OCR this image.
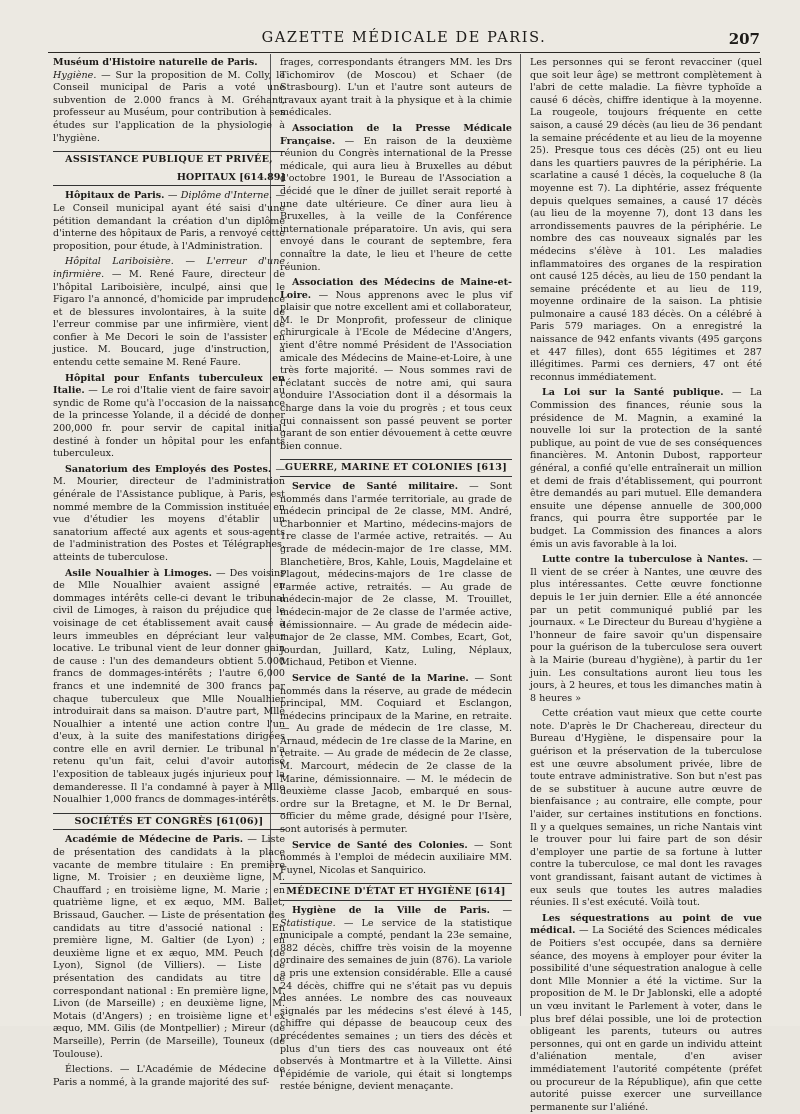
GAZETTE MÉDICALE DE PARIS.	207

Muséum d'Histoire naturelle de Paris.
Hygiène. — Sur la proposition de M. Colly, le Conseil municipal de Paris a voté une subvention de 2.000 francs à M. Gréhant, professeur au Muséum, pour contribution à ses études sur l'application de la physiologie à l'hygiène.

ASSISTANCE PUBLIQUE ET PRIVÉE,
HOPITAUX [614.89]

Hôpitaux de Paris. — Diplôme d'Interne. — Le Conseil municipal ayant été saisi d'une pétition demandant la création d'un diplôme d'interne des hôpitaux de Paris, a renvoyé cette proposition, pour étude, à l'Administration.

Hôpital Lariboisière. — L'erreur d'une infirmière. — M. René Faure, directeur de l'hôpital Lariboisière, inculpé, ainsi que le Figaro l'a annoncé, d'homicide par imprudence et de blessures involontaires, à la suite de l'erreur commise par une infirmière, vient de confier à Me Decori le soin de l'assister en justice. M. Boucard, juge d'instruction, a entendu cette semaine M. René Faure.

Hôpital pour Enfants tuberculeux en Italie. — Le roi d'Italie vient de faire savoir au syndic de Rome qu'à l'occasion de la naissance de la princesse Yolande, il a décidé de donner 200,000 fr. pour servir de capital initial, destiné à fonder un hôpital pour les enfants tuberculeux.

Sanatorium des Employés des Postes. — M. Mourier, directeur de l'administration générale de l'Assistance publique, à Paris, est nommé membre de la Commission instituée en vue d'étudier les moyens d'établir un sanatorium affecté aux agents et sous-agents de l'administration des Postes et Télégraphes, atteints de tuberculose.

Asile Noualhier à Limoges. — Des voisins de Mlle Noualhier avaient assigné en dommages intérêts celle-ci devant le tribunal civil de Limoges, à raison du préjudice que le voisinage de cet établissement avait causé à leurs immeubles en dépréciant leur valeur locative. Le tribunal vient de leur donner gain de cause : l'un des demandeurs obtient 5.000 francs de dommages-intérêts ; l'autre 6,000 francs et une indemnité de 300 francs par chaque tuberculeux que Mlle Noualhier introduirait dans sa maison. D'autre part, Mlle Noualhier a intenté une action contre l'un d'eux, à la suite des manifestations dirigées contre elle en avril dernier. Le tribunal n'a retenu qu'un fait, celui d'avoir autorisé l'exposition de tableaux jugés injurieux pour la demanderesse. Il l'a condamné à payer à Mlle Noualhier 1,000 francs de dommages-intérêts.

SOCIÉTÉS ET CONGRÈS [61(06)]

Académie de Médecine de Paris. — Liste de présentation des candidats à la place vacante de membre titulaire : En première ligne, M. Troisier ; en deuxième ligne, M. Chauffard ; en troisième ligne, M. Marie ; en quatrième ligne, et ex æquo, MM. Ballet, Brissaud, Gaucher. — Liste de présentation des candidats au titre d'associé national : En première ligne, M. Galtier (de Lyon) ; en deuxième ligne et ex æquo, MM. Peuch (de Lyon), Signol (de Villiers). — Liste de présentation des candidats au titre de correspondant national : En première ligne, M. Livon (de Marseille) ; en deuxième ligne, M. Motais (d'Angers) ; en troisième ligne et ex æquo, MM. Gilis (de Montpellier) ; Mireur (de Marseille), Perrin (de Marseille), Touneux (de Toulouse).

Élections. — L'Académie de Médecine de Paris a nommé, à la grande majorité des suf-

frages, correspondants étrangers MM. les Drs Tichomirov (de Moscou) et Schaer (de Strasbourg). L'un et l'autre sont auteurs de travaux ayant trait à la physique et à la chimie médicales.

Association de la Presse Médicale Française. — En raison de la deuxième réunion du Congrès international de la Presse médicale, qui aura lieu à Bruxelles au début d'octobre 1901, le Bureau de l'Association a décidé que le dîner de juillet serait reporté à une date ultérieure. Ce dîner aura lieu à Bruxelles, à la veille de la Conférence internationale préparatoire. Un avis, qui sera envoyé dans le courant de septembre, fera connaître la date, le lieu et l'heure de cette réunion.

Association des Médecins de Maine-et-Loire. — Nous apprenons avec le plus vif plaisir que notre excellent ami et collaborateur, M. le Dr Monprofit, professeur de clinique chirurgicale à l'Ecole de Médecine d'Angers, vient d'être nommé Président de l'Association amicale des Médecins de Maine-et-Loire, à une très forte majorité. — Nous sommes ravi de l'éclatant succès de notre ami, qui saura conduire l'Association dont il a désormais la charge dans la voie du progrès ; et tous ceux qui connaissent son passé peuvent se porter garant de son entier dévouement à cette œuvre bien connue.

GUERRE, MARINE ET COLONIES [613]

Service de Santé militaire. — Sont nommés dans l'armée territoriale, au grade de médecin principal de 2e classe, MM. André, Charbonnier et Martino, médecins-majors de 1re classe de l'armée active, retraités. — Au grade de médecin-major de 1re classe, MM. Blanchetière, Bros, Kahle, Louis, Magdelaine et Plagout, médecins-majors de 1re classe de l'armée active, retraités. — Au grade de médecin-major de 2e classe, M. Trouillet, médecin-major de 2e classe de l'armée active, démissionnaire. — Au grade de médecin aide-major de 2e classe, MM. Combes, Ecart, Got, Jourdan, Juillard, Katz, Luling, Néplaux, Michaud, Petibon et Vienne.

Service de Santé de la Marine. — Sont nommés dans la réserve, au grade de médecin principal, MM. Coquiard et Esclangon, médecins principaux de la Marine, en retraite. — Au grade de médecin de 1re classe, M. Arnaud, médecin de 1re classe de la Marine, en retraite. — Au grade de médecin de 2e classe, M. Marcourt, médecin de 2e classe de la Marine, démissionnaire. — M. le médecin de deuxième classe Jacob, embarqué en sous-ordre sur la Bretagne, et M. le Dr Bernal, officier du même grade, désigné pour l'Isère, sont autorisés à permuter.

Service de Santé des Colonies. — Sont nommés à l'emploi de médecin auxiliaire MM. Fuynel, Nicolas et Sanquirico.

MÉDECINE D'ÉTAT ET HYGIÈNE [614]

Hygiène de la Ville de Paris. — Statistique. — Le service de la statistique municipale a compté, pendant la 23e semaine, 882 décès, chiffre très voisin de la moyenne ordinaire des semaines de juin (876). La variole a pris une extension considérable. Elle a causé 24 décès, chiffre qui ne s'était pas vu depuis des années. Le nombre des cas nouveaux signalés par les médecins s'est élevé à 145, chiffre qui dépasse de beaucoup ceux des précédentes semaines ; un tiers des décès et plus d'un tiers des cas nouveaux ont été observés à Montmartre et à la Villette. Ainsi l'épidémie de variole, qui était si longtemps restée bénigne, devient menaçante.

Les personnes qui se feront revacciner (quel que soit leur âge) se mettront complètement à l'abri de cette maladie. La fièvre typhoïde a causé 6 décès, chiffre identique à la moyenne. La rougeole, toujours fréquente en cette saison, a causé 29 décès (au lieu de 36 pendant la semaine précédente et au lieu de la moyenne 25). Presque tous ces décès (25) ont eu lieu dans les quartiers pauvres de la périphérie. La scarlatine a causé 1 décès, la coqueluche 8 (la moyenne est 7). La diphtérie, assez fréquente depuis quelques semaines, a causé 17 décès (au lieu de la moyenne 7), dont 13 dans les arrondissements pauvres de la périphérie. Le nombre des cas nouveaux signalés par les médecins s'élève à 101. Les maladies inflammatoires des organes de la respiration ont causé 125 décès, au lieu de 150 pendant la semaine précédente et au lieu de 119, moyenne ordinaire de la saison. La phtisie pulmonaire a causé 183 décès. On a célébré à Paris 579 mariages. On a enregistré la naissance de 942 enfants vivants (495 garçons et 447 filles), dont 655 légitimes et 287 illégitimes. Parmi ces derniers, 47 ont été reconnus immédiatement.

La Loi sur la Santé publique. — La Commission des finances, réunie sous la présidence de M. Magnin, a examiné la nouvelle loi sur la protection de la santé publique, au point de vue de ses conséquences financières. M. Antonin Dubost, rapporteur général, a confié qu'elle entraînerait un million et demi de frais d'établissement, qui pourront être demandés au pari mutuel. Elle demandera ensuite une dépense annuelle de 300,000 francs, qui pourra être supportée par le budget. La Commission des finances a alors émis un avis favorable à la loi.

Lutte contre la tuberculose à Nantes. — Il vient de se créer à Nantes, une œuvre des plus intéressantes. Cette œuvre fonctionne depuis le 1er juin dernier. Elle a été annoncée par un petit communiqué publié par les journaux. « Le Directeur du Bureau d'hygiène a l'honneur de faire savoir qu'un dispensaire pour la guérison de la tuberculose sera ouvert à la Mairie (bureau d'hygiène), à partir du 1er juin. Les consultations auront lieu tous les jours, à 2 heures, et tous les dimanches matin à 8 heures »

Cette création vaut mieux que cette courte note. D'après le Dr Chachereau, directeur du Bureau d'Hygiène, le dispensaire pour la guérison et la préservation de la tuberculose est une œuvre absolument privée, libre de toute entrave administrative. Son but n'est pas de se substituer à aucune autre œuvre de bienfaisance ; au contraire, elle compte, pour l'aider, sur certaines institutions en fonctions. Il y a quelques semaines, un riche Nantais vint le trouver pour lui faire part de son désir d'employer une partie de sa fortune à lutter contre la tuberculose, ce mal dont les ravages vont grandissant, faisant autant de victimes à eux seuls que toutes les autres maladies réunies. Il s'est exécuté. Voilà tout.

Les séquestrations au point de vue médical. — La Société des Sciences médicales de Poitiers s'est occupée, dans sa dernière séance, des moyens à employer pour éviter la possibilité d'une séquestration analogue à celle dont Mlle Monnier a été la victime. Sur la proposition de M. le Dr Jablonski, elle a adopté un vœu invitant le Parlement à voter, dans le plus bref délai possible, une loi de protection obligeant les parents, tuteurs ou autres personnes, qui ont en garde un individu atteint d'aliénation mentale, d'en aviser immédiatement l'autorité compétente (préfet ou procureur de la République), afin que cette autorité puisse exercer une surveillance permanente sur l'aliéné.
